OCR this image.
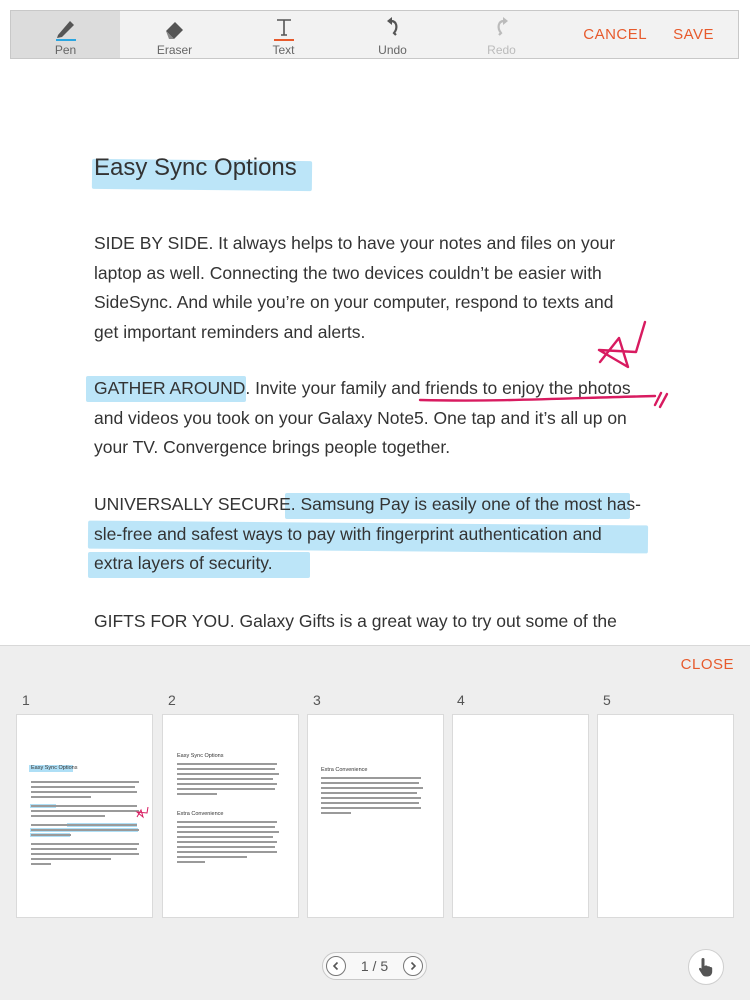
Pen	Eraser	Text	Undo	Redo
CANCEL	SAVE
Easy Sync Options

SIDE BY SIDE. It always helps to have your notes and files on your

laptop as well. Connecting the two devices couldn’t be easier with

SideSync. And while you’re on your computer, respond to texts and

get important reminders and alerts.

GATHER AROUND. Invite your family and friends to enjoy the photos

and videos you took on your Galaxy Note5. One tap and it’s all up on

your TV. Convergence brings people together.

UNIVERSALLY SECURE. Samsung Pay is easily one of the most has-

sle-free and safest ways to pay with fingerprint authentication and

extra layers of security.

GIFTS FOR YOU. Galaxy Gifts is a great way to try out some of the

CLOSE
1	2	3	4	5
Easy Sync Options
Easy Sync Options
Extra Convenience
Extra Convenience
1 / 5
